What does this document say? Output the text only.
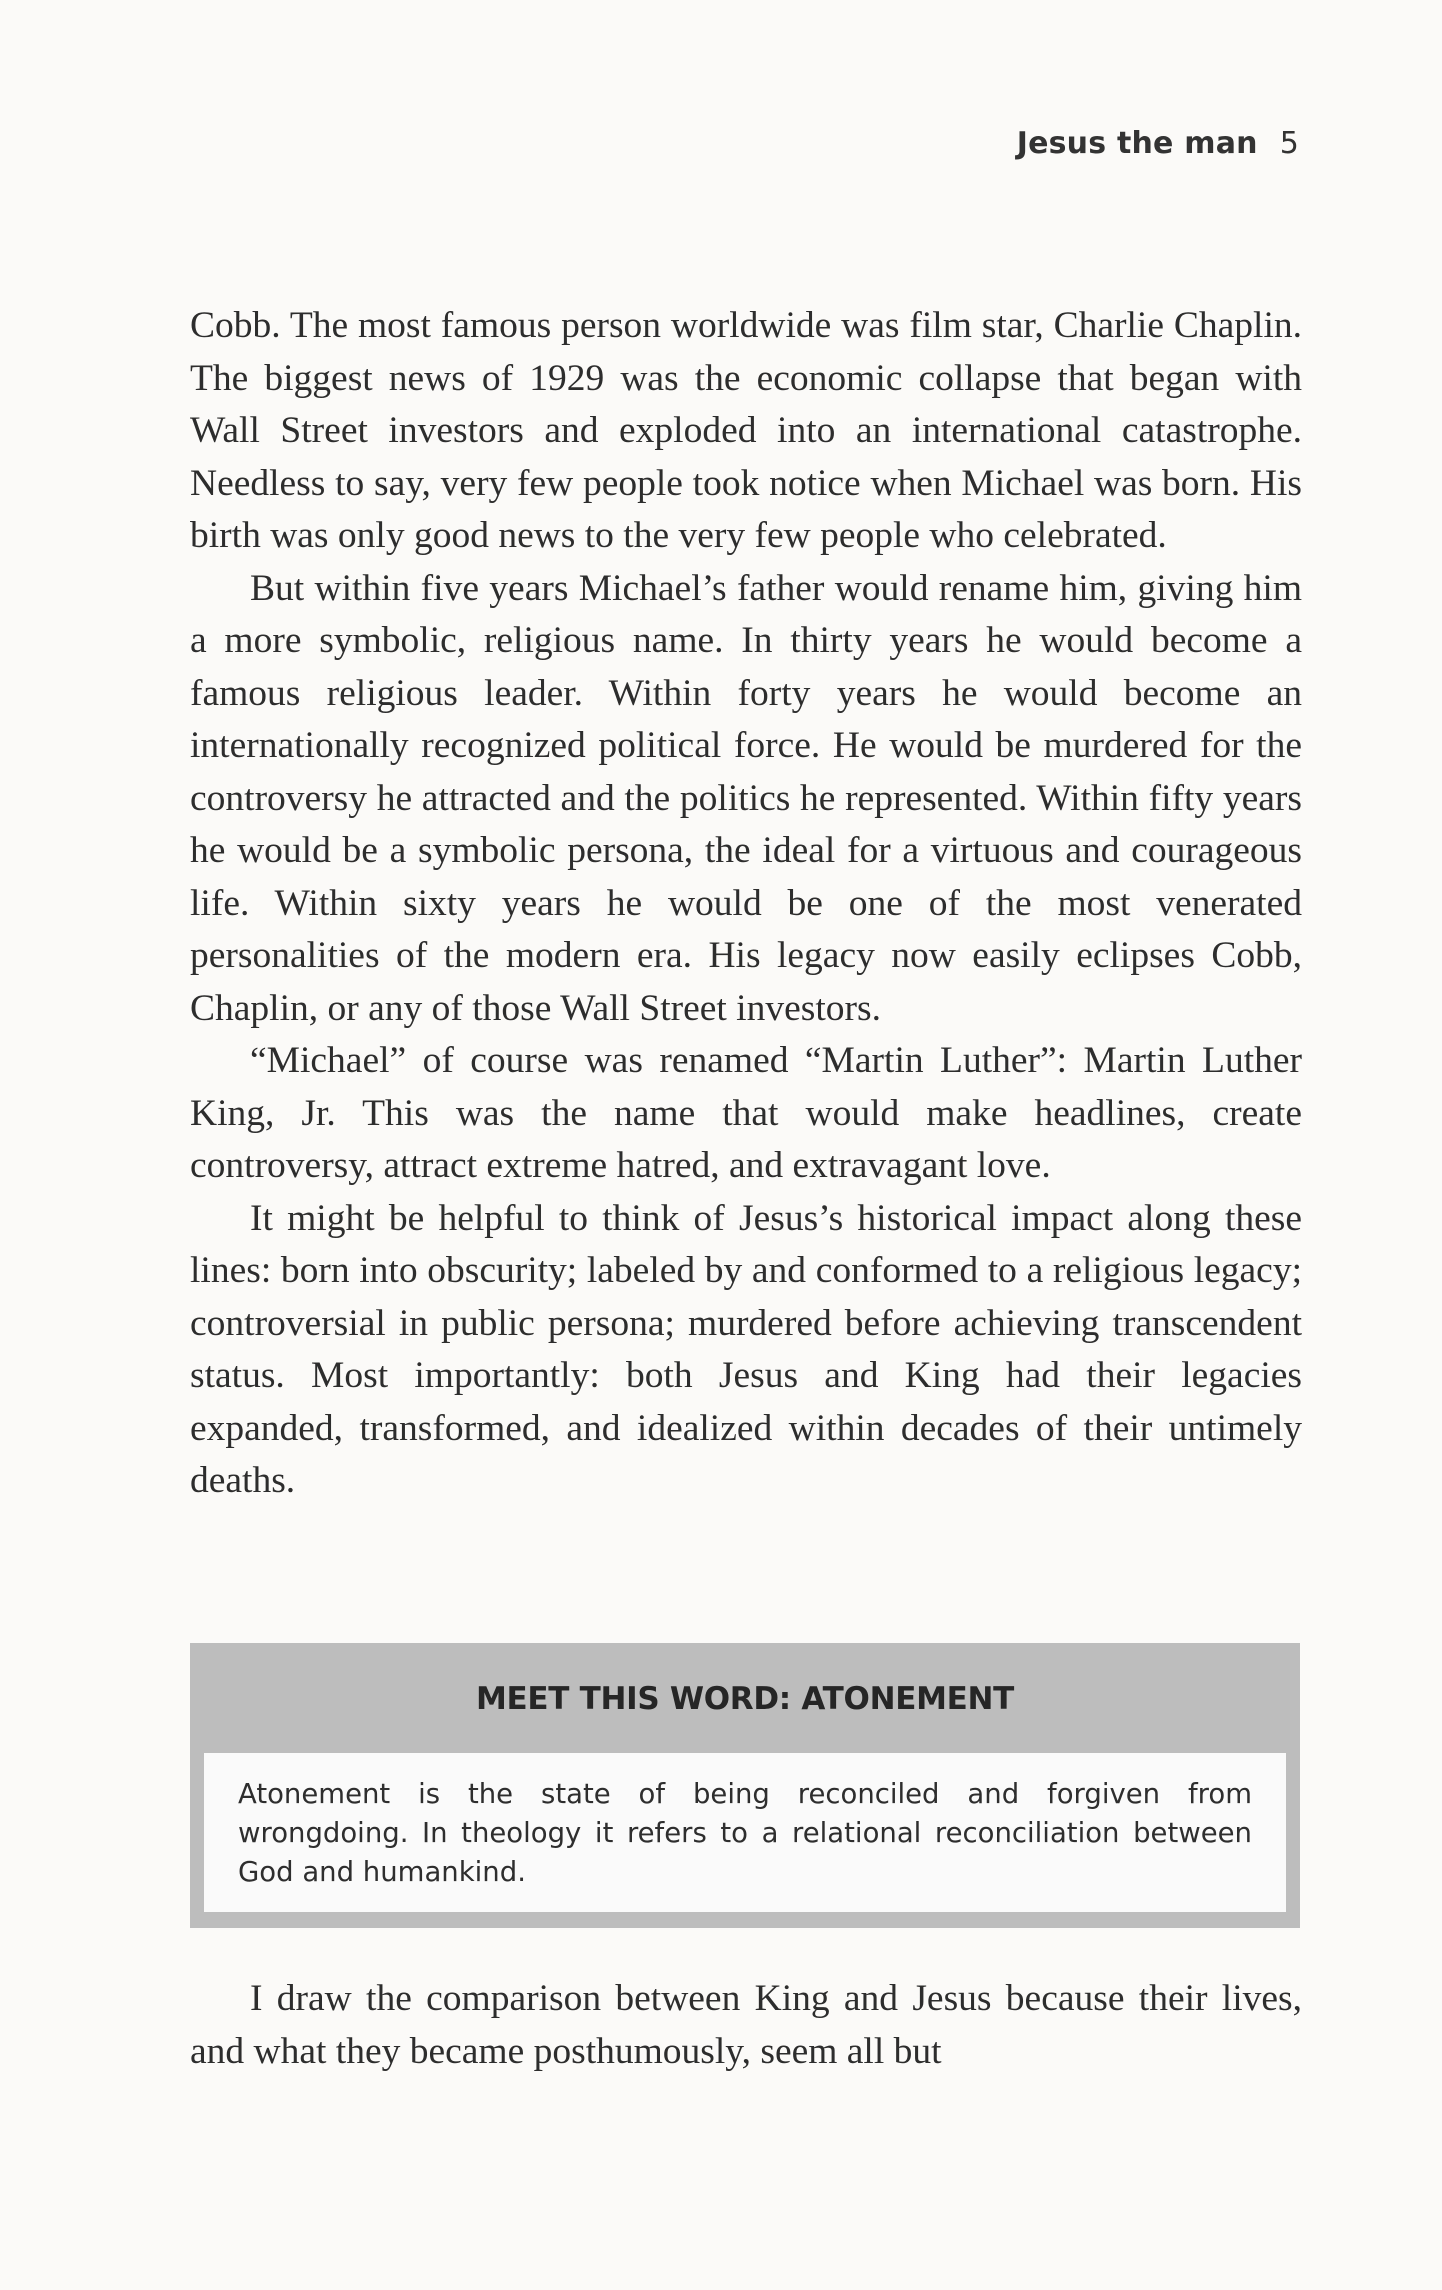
Jesus the man 5

Cobb. The most famous person worldwide was film star, Charlie Chaplin. The biggest news of 1929 was the economic collapse that began with Wall Street investors and exploded into an international catastrophe. Needless to say, very few people took notice when Michael was born. His birth was only good news to the very few people who celebrated.

But within five years Michael’s father would rename him, giving him a more symbolic, religious name. In thirty years he would become a famous religious leader. Within forty years he would become an internationally recognized political force. He would be murdered for the controversy he attracted and the politics he represented. Within fifty years he would be a symbolic persona, the ideal for a virtuous and courageous life. Within sixty years he would be one of the most venerated personalities of the modern era. His legacy now easily eclipses Cobb, Chaplin, or any of those Wall Street investors.

“Michael” of course was renamed “Martin Luther”: Martin Luther King, Jr. This was the name that would make headlines, create controversy, attract extreme hatred, and extravagant love.

It might be helpful to think of Jesus’s historical impact along these lines: born into obscurity; labeled by and conformed to a religious legacy; controversial in public persona; murdered before achieving transcendent status. Most importantly: both Jesus and King had their legacies expanded, transformed, and idealized within decades of their untimely deaths.

MEET THIS WORD: ATONEMENT

Atonement is the state of being reconciled and forgiven from wrongdoing. In theology it refers to a relational reconciliation between God and humankind.

I draw the comparison between King and Jesus because their lives, and what they became posthumously, seem all but
